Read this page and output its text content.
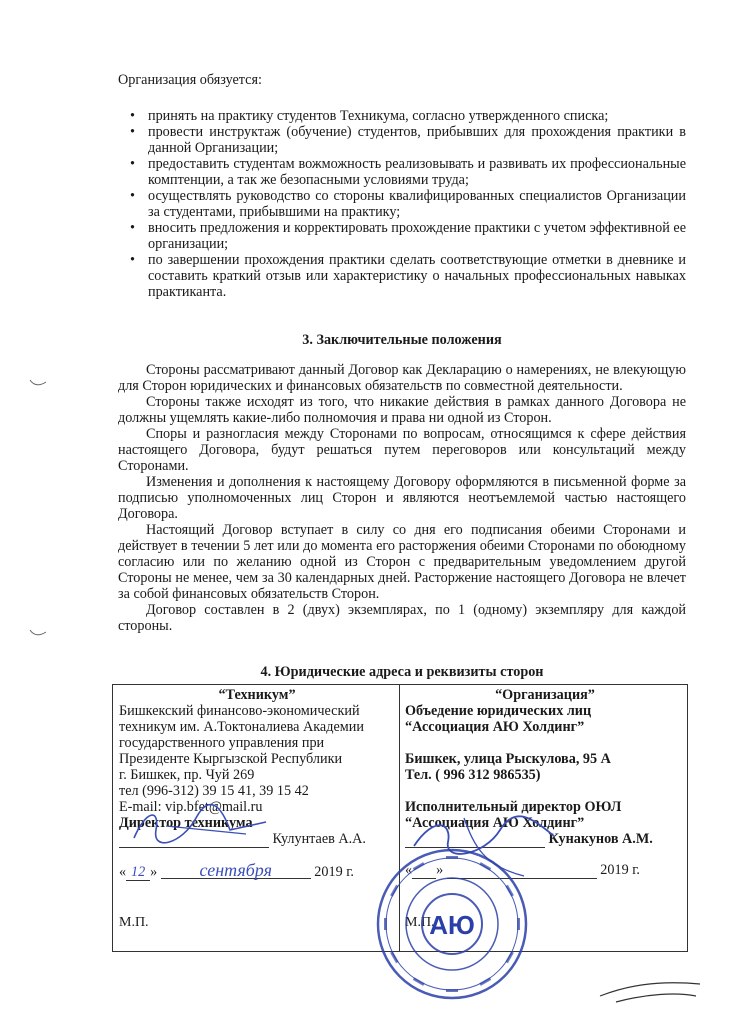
Организация обязуется:
• принять на практику студентов Техникума, согласно утвержденного списка;
• провести инструктаж (обучение) студентов, прибывших для прохождения практики в данной Организации;
• предоставить студентам вожможность реализовывать и развивать их профессиональные комптенции, а так же безопасными условиями труда;
• осуществлять руководство со стороны квалифицированных специалистов Организации за студентами, прибывшими на практику;
• вносить предложения и корректировать прохождение практики с учетом эффективной ее организации;
• по завершении прохождения практики сделать соответствующие отметки в дневнике и составить краткий отзыв или характеристику о начальных профессиональных навыках практиканта.
3. Заключительные положения

Стороны рассматривают данный Договор как Декларацию о намерениях, не влекующую для Сторон юридических и финансовых обязательств по совместной деятельности.

Стороны также исходят из того, что никакие действия в рамках данного Договора не должны ущемлять какие-либо полномочия и права ни одной из Сторон.

Споры и разногласия между Сторонами по вопросам, относящимся к сфере действия настоящего Договора, будут решаться путем переговоров или консультаций между Сторонами.

Изменения и дополнения к настоящему Договору оформляются в письменной форме за подписью уполномоченных лиц Сторон и являются неотъемлемой частью настоящего Договора.

Настоящий Договор вступает в силу со дня его подписания обеими Сторонами и действует в течении 5 лет или до момента его расторжения обеими Сторонами по обоюдному согласию или по желанию одной из Сторон с предварительным уведомлением другой Стороны не менее, чем за 30 календарных дней. Расторжение настоящего Договора не влечет за собой финансовых обязательств Сторон.

Договор составлен в 2 (двух) экземплярах, по 1 (одному) экземпляру для каждой стороны.

4. Юридические адреса и реквизиты сторон
“Техникум”
Бишкекский финансово-экономический
техникум им. А.Токтоналиева Академии
государственного управления при
Президенте Кыргызской Республики
г. Бишкек, пр. Чуй 269
тел (996-312) 39 15 41, 39 15 42
E-mail: vip.bfet@mail.ru
Директор техникума
Кулунтаев А.А.
« 12 » сентября	2019 г.
М.П.
“Организация”
Объедение юридических лиц
“Ассоциация АЮ Холдинг”

Бишкек, улица Рыскулова, 95 А
Тел. ( 996 312 986535)

Исполнительный директор ОЮЛ
“Ассоциация АЮ Холдинг”
Кунакунов А.М.
« »	2019 г.
М.П.
АЮ
